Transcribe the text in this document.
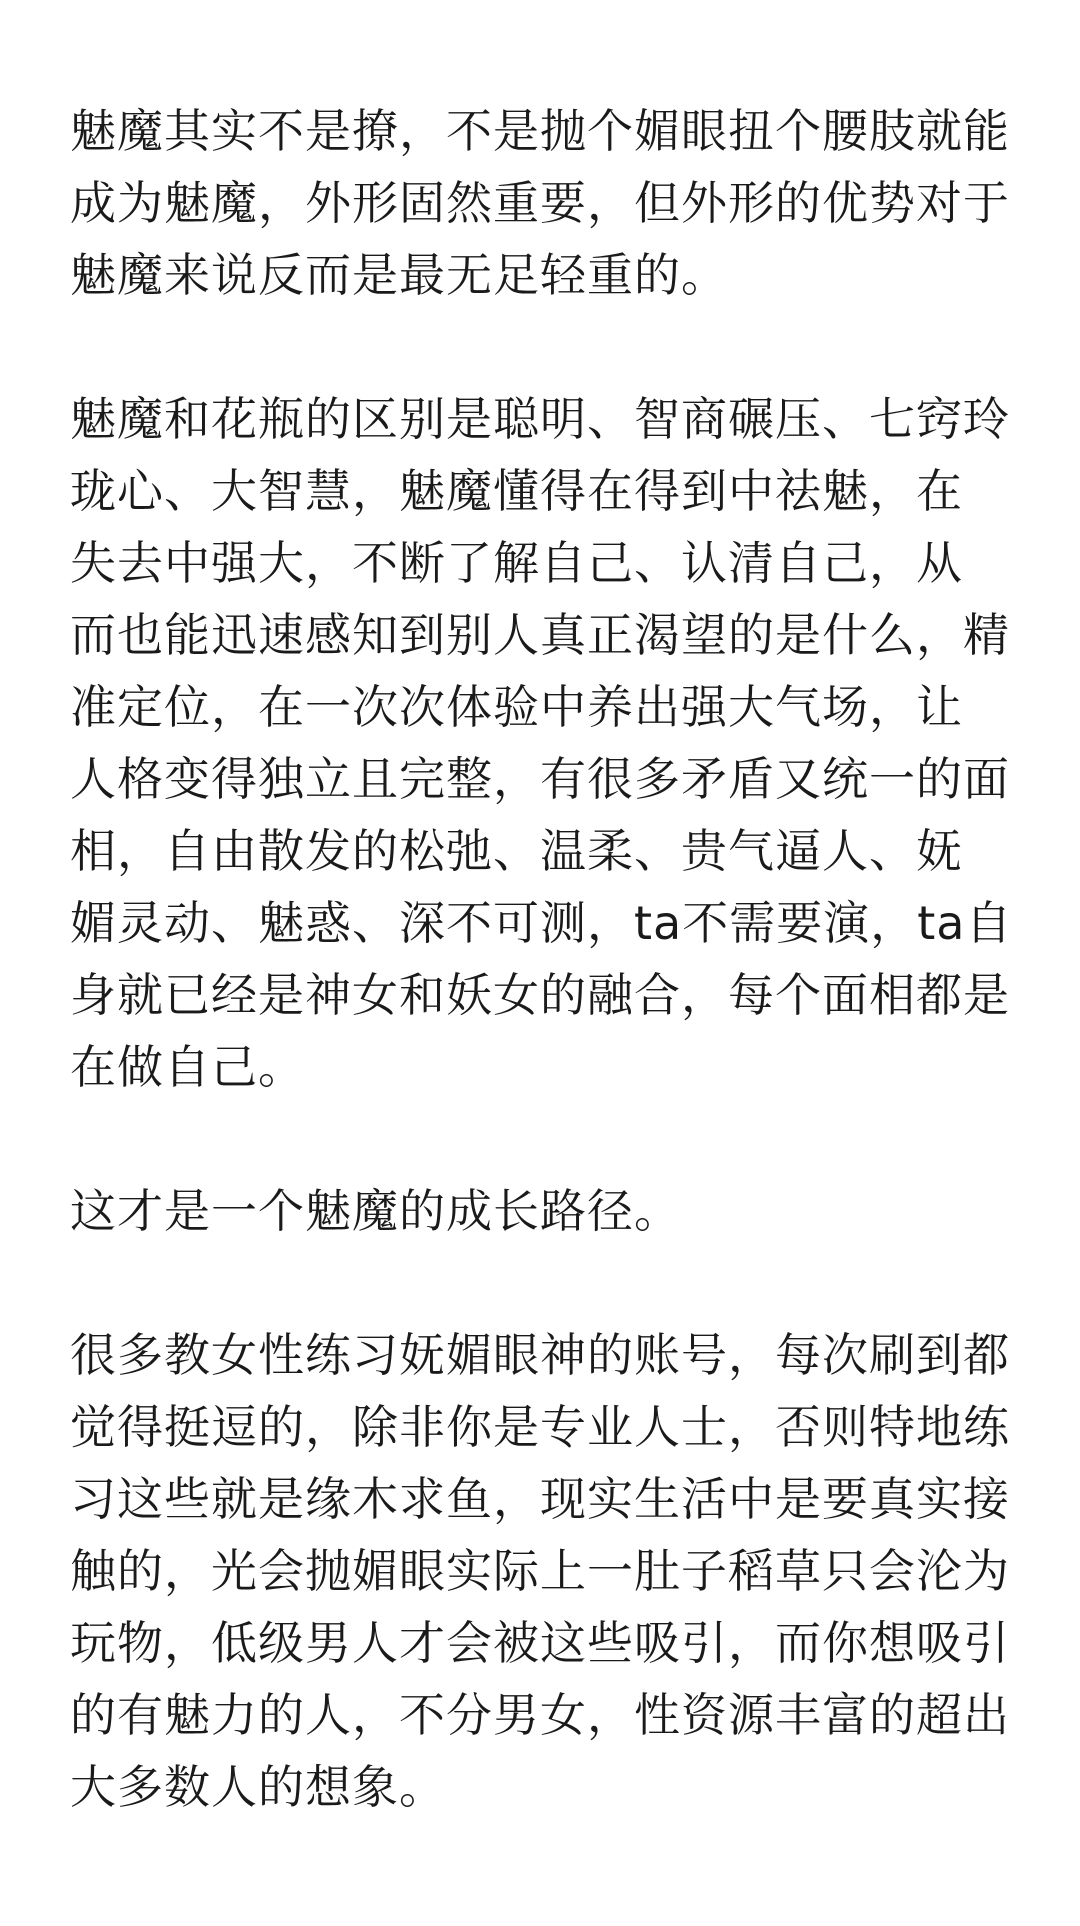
魅魔其实不是撩，不是抛个媚眼扭个腰肢就能
成为魅魔，外形固然重要，但外形的优势对于
魅魔来说反而是最无足轻重的。

魅魔和花瓶的区别是聪明、智商碾压、七窍玲
珑心、大智慧，魅魔懂得在得到中祛魅，在
失去中强大，不断了解自己、认清自己，从
而也能迅速感知到别人真正渴望的是什么，精
准定位，在一次次体验中养出强大气场，让
人格变得独立且完整，有很多矛盾又统一的面
相，自由散发的松弛、温柔、贵气逼人、妩
媚灵动、魅惑、深不可测，ta不需要演，ta自
身就已经是神女和妖女的融合，每个面相都是
在做自己。

这才是一个魅魔的成长路径。

很多教女性练习妩媚眼神的账号，每次刷到都
觉得挺逗的，除非你是专业人士，否则特地练
习这些就是缘木求鱼，现实生活中是要真实接
触的，光会抛媚眼实际上一肚子稻草只会沦为
玩物，低级男人才会被这些吸引，而你想吸引
的有魅力的人，不分男女，性资源丰富的超出
大多数人的想象。
